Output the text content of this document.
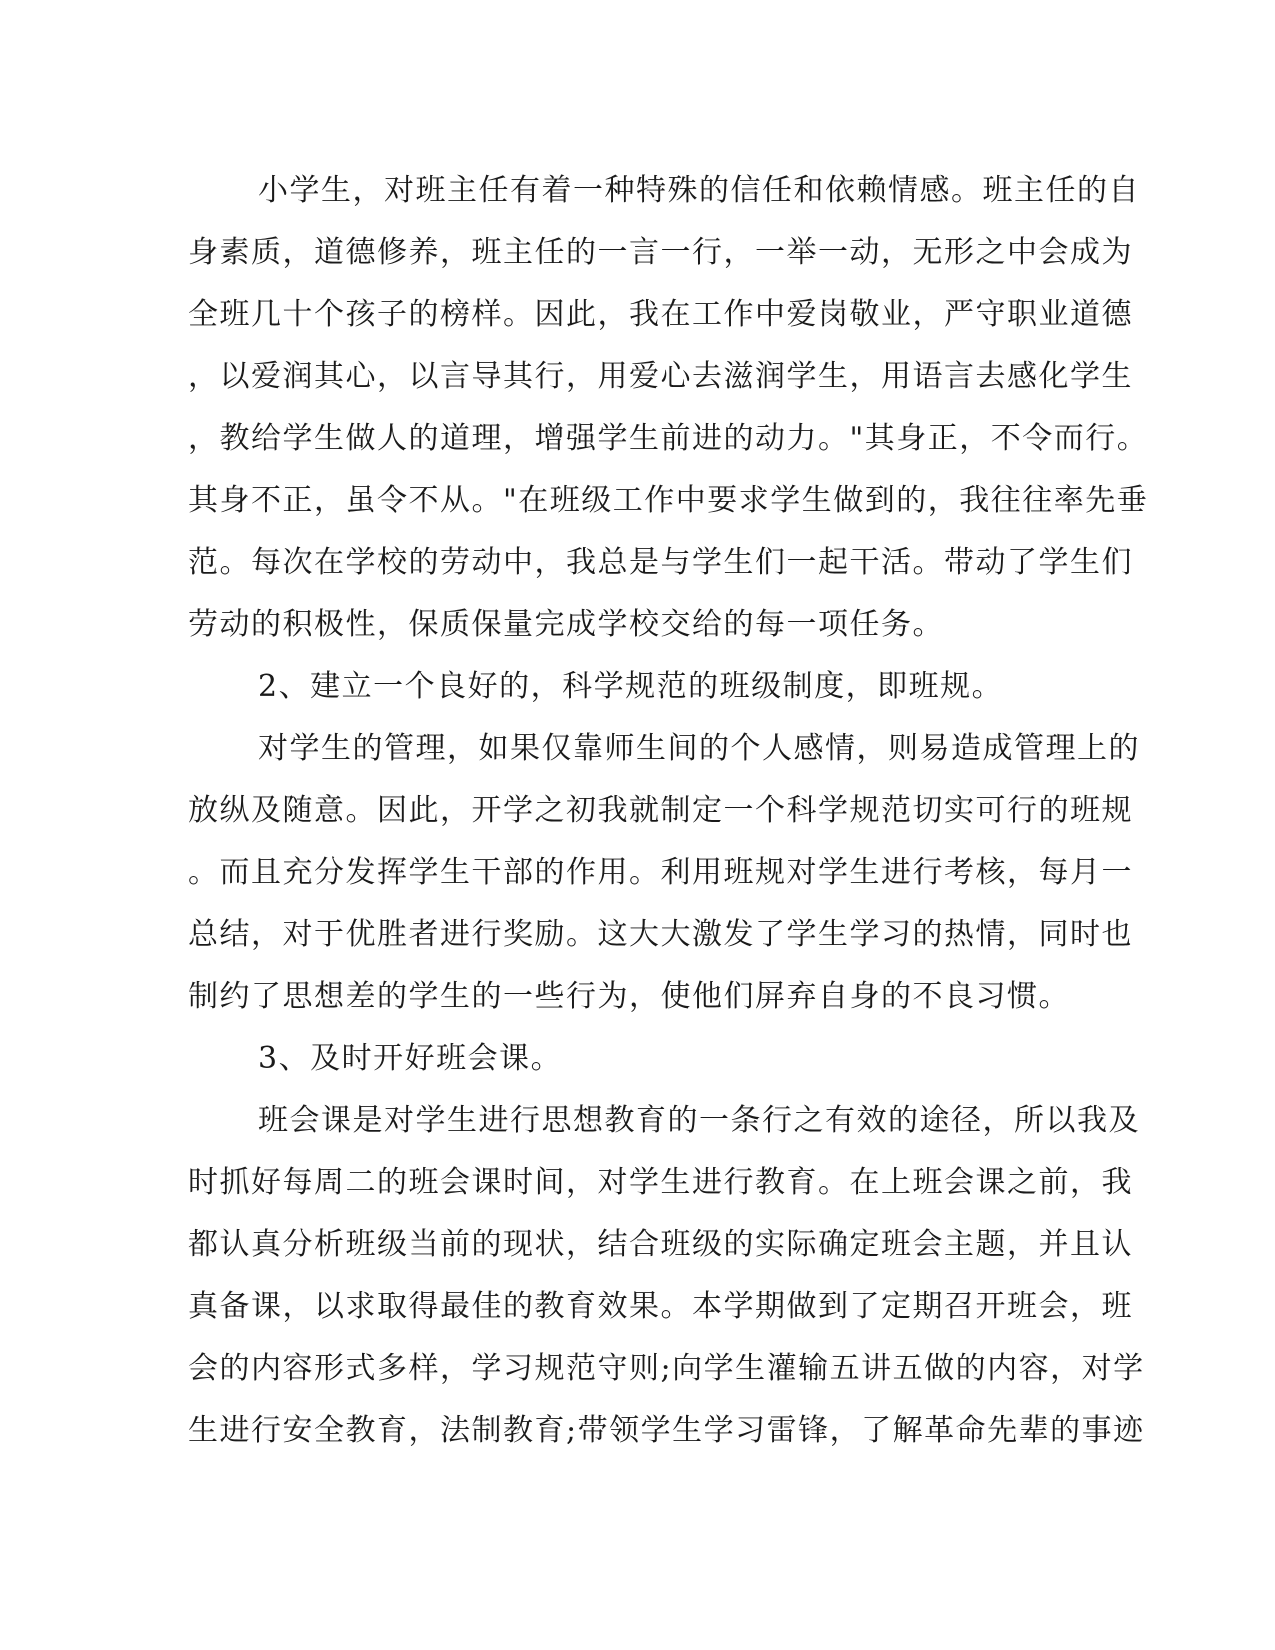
小学生，对班主任有着一种特殊的信任和依赖情感。班主任的自
身素质，道德修养，班主任的一言一行，一举一动，无形之中会成为
全班几十个孩子的榜样。因此，我在工作中爱岗敬业，严守职业道德
，以爱润其心，以言导其行，用爱心去滋润学生，用语言去感化学生
，教给学生做人的道理，增强学生前进的动力。"其身正，不令而行。
其身不正，虽令不从。"在班级工作中要求学生做到的，我往往率先垂
范。每次在学校的劳动中，我总是与学生们一起干活。带动了学生们
劳动的积极性，保质保量完成学校交给的每一项任务。
2、建立一个良好的，科学规范的班级制度，即班规。
对学生的管理，如果仅靠师生间的个人感情，则易造成管理上的
放纵及随意。因此，开学之初我就制定一个科学规范切实可行的班规
。而且充分发挥学生干部的作用。利用班规对学生进行考核，每月一
总结，对于优胜者进行奖励。这大大激发了学生学习的热情，同时也
制约了思想差的学生的一些行为，使他们屏弃自身的不良习惯。
3、及时开好班会课。
班会课是对学生进行思想教育的一条行之有效的途径，所以我及
时抓好每周二的班会课时间，对学生进行教育。在上班会课之前，我
都认真分析班级当前的现状，结合班级的实际确定班会主题，并且认
真备课，以求取得最佳的教育效果。本学期做到了定期召开班会，班
会的内容形式多样，学习规范守则;向学生灌输五讲五做的内容，对学
生进行安全教育，法制教育;带领学生学习雷锋，了解革命先辈的事迹
